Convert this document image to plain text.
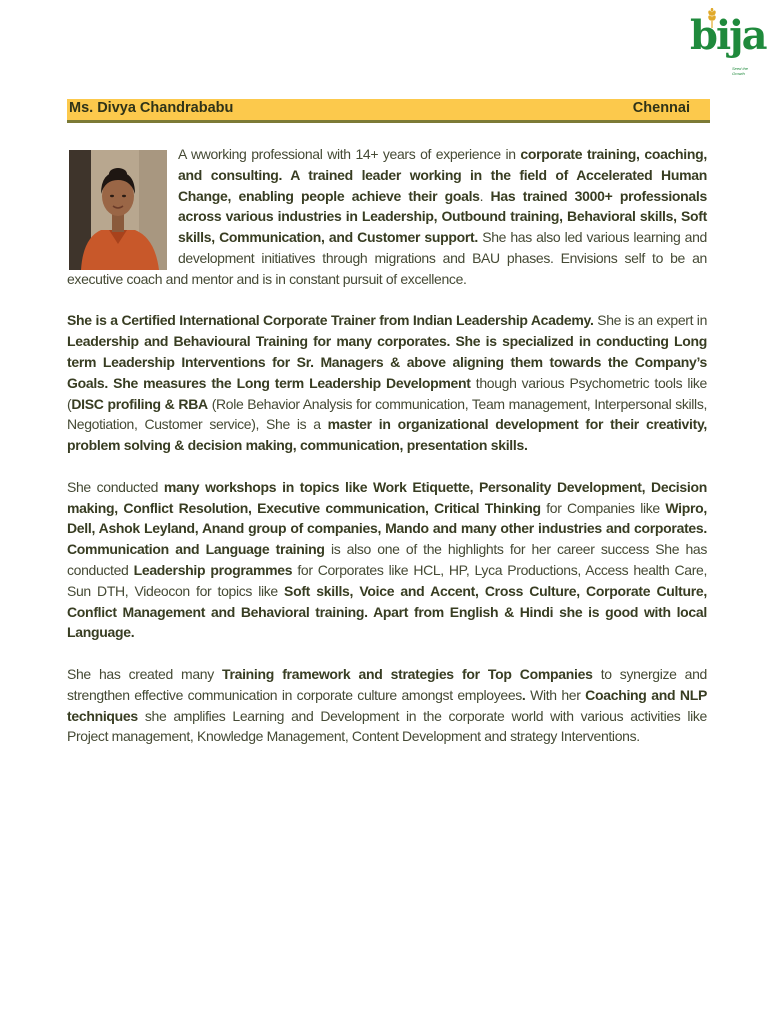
bija
Seed the Growth
Ms. Divya Chandrababu	Chennai

A wworking professional with 14+ years of experience in corporate training, coaching, and consulting. A trained leader working in the field of Accelerated Human Change, enabling people achieve their goals. Has trained 3000+ professionals across various industries in Leadership, Outbound training, Behavioral skills, Soft skills, Communication, and Customer support. She has also led various learning and development initiatives through migrations and BAU phases. Envisions self to be an executive coach and mentor and is in constant pursuit of excellence.

She is a Certified International Corporate Trainer from Indian Leadership Academy. She is an expert in Leadership and Behavioural Training for many corporates. She is specialized in conducting Long term Leadership Interventions for Sr. Managers & above aligning them towards the Company’s Goals. She measures the Long term Leadership Development though various Psychometric tools like (DISC profiling & RBA (Role Behavior Analysis for communication, Team management, Interpersonal skills, Negotiation, Customer service), She is a master in organizational development for their creativity, problem solving & decision making, communication, presentation skills.

She conducted many workshops in topics like Work Etiquette, Personality Development, Decision making, Conflict Resolution, Executive communication, Critical Thinking for Companies like Wipro, Dell, Ashok Leyland, Anand group of companies, Mando and many other industries and corporates. Communication and Language training is also one of the highlights for her career success She has conducted Leadership programmes for Corporates like HCL, HP, Lyca Productions, Access health Care, Sun DTH, Videocon for topics like Soft skills, Voice and Accent, Cross Culture, Corporate Culture, Conflict Management and Behavioral training. Apart from English & Hindi she is good with local Language.

She has created many Training framework and strategies for Top Companies to synergize and strengthen effective communication in corporate culture amongst employees. With her Coaching and NLP techniques she amplifies Learning and Development in the corporate world with various activities like Project management, Knowledge Management, Content Development and strategy Interventions.
